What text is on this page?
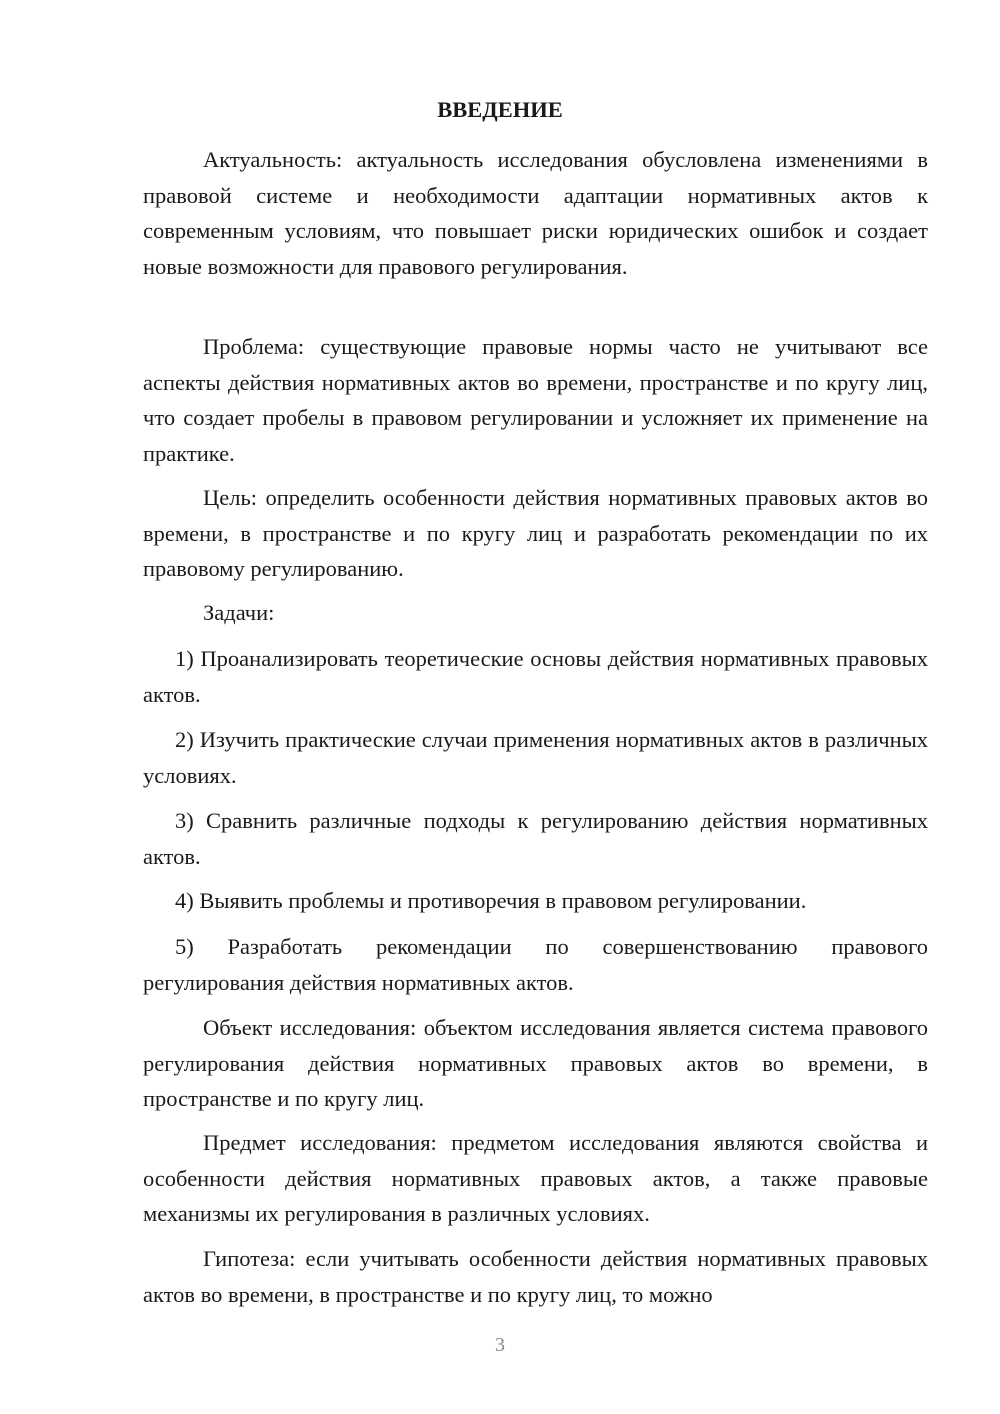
ВВЕДЕНИЕ

Актуальность: актуальность исследования обусловлена изменениями в правовой системе и необходимости адаптации нормативных актов к современным условиям, что повышает риски юридических ошибок и создает новые возможности для правового регулирования.

Проблема: существующие правовые нормы часто не учитывают все аспекты действия нормативных актов во времени, пространстве и по кругу лиц, что создает пробелы в правовом регулировании и усложняет их применение на практике.

Цель: определить особенности действия нормативных правовых актов во времени, в пространстве и по кругу лиц и разработать рекомендации по их правовому регулированию.

Задачи:

1) Проанализировать теоретические основы действия нормативных правовых актов.

2) Изучить практические случаи применения нормативных актов в различных условиях.

3) Сравнить различные подходы к регулированию действия нормативных актов.

4) Выявить проблемы и противоречия в правовом регулировании.

5) Разработать рекомендации по совершенствованию правового регулирования действия нормативных актов.

Объект исследования: объектом исследования является система правового регулирования действия нормативных правовых актов во времени, в пространстве и по кругу лиц.

Предмет исследования: предметом исследования являются свойства и особенности действия нормативных правовых актов, а также правовые механизмы их регулирования в различных условиях.

Гипотеза: если учитывать особенности действия нормативных правовых актов во времени, в пространстве и по кругу лиц, то можно

3
